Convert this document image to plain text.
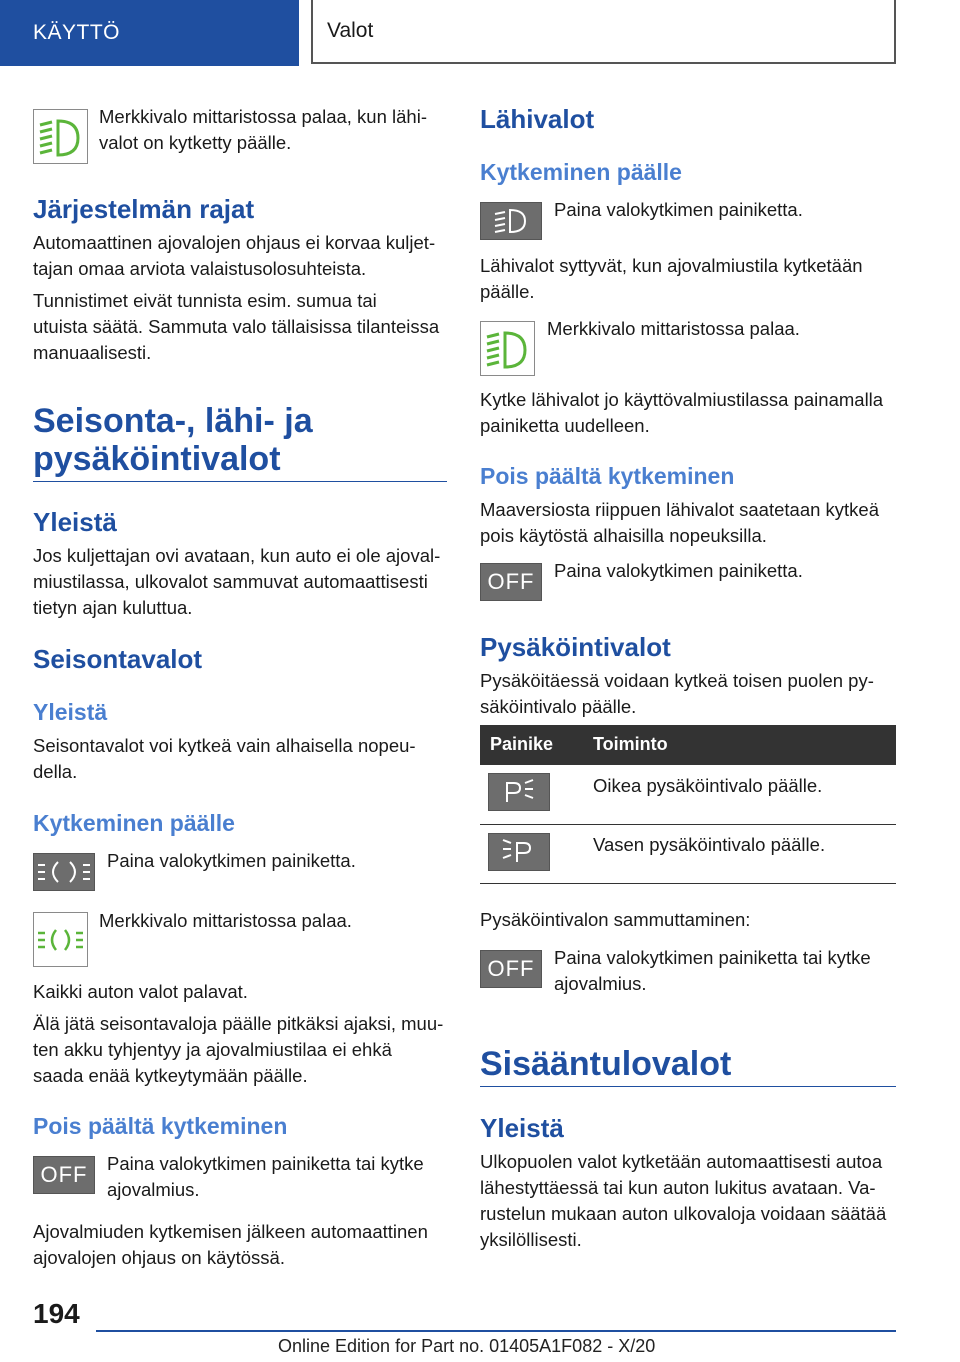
KÄYTTÖ	Valot

Merkkivalo mittaristossa palaa, kun lähi-
valot on kytketty päälle.

Järjestelmän rajat

Automaattinen ajovalojen ohjaus ei korvaa kuljet-
tajan omaa arviota valaistusolosuhteista.

Tunnistimet eivät tunnista esim. sumua tai
utuista säätä. Sammuta valo tällaisissa tilanteissa
manuaalisesti.

Seisonta-, lähi- ja
pysäköintivalot
Yleistä

Jos kuljettajan ovi avataan, kun auto ei ole ajoval-
miustilassa, ulkovalot sammuvat automaattisesti
tietyn ajan kuluttua.

Seisontavalot
Yleistä

Seisontavalot voi kytkeä vain alhaisella nopeu-
della.

Kytkeminen päälle

Paina valokytkimen painiketta.

Merkkivalo mittaristossa palaa.

Kaikki auton valot palavat.

Älä jätä seisontavaloja päälle pitkäksi ajaksi, muu-
ten akku tyhjentyy ja ajovalmiustilaa ei ehkä
saada enää kytkeytymään päälle.

Pois päältä kytkeminen
OFF	Paina valokytkimen painiketta tai kytke
ajovalmius.

Ajovalmiuden kytkemisen jälkeen automaattinen
ajovalojen ohjaus on käytössä.

Lähivalot
Kytkeminen päälle

Paina valokytkimen painiketta.

Lähivalot syttyvät, kun ajovalmiustila kytketään
päälle.

Merkkivalo mittaristossa palaa.

Kytke lähivalot jo käyttövalmiustilassa painamalla
painiketta uudelleen.

Pois päältä kytkeminen

Maaversiosta riippuen lähivalot saatetaan kytkeä
pois käytöstä alhaisilla nopeuksilla.

OFF	Paina valokytkimen painiketta.

Pysäköintivalot

Pysäköitäessä voidaan kytkeä toisen puolen py-
säköintivalo päälle.

Painike Toiminto

Oikea pysäköintivalo päälle.

Vasen pysäköintivalo päälle.

Pysäköintivalon sammuttaminen:

OFF	Paina valokytkimen painiketta tai kytke
ajovalmius.

Sisääntulovalot
Yleistä

Ulkopuolen valot kytketään automaattisesti autoa
lähestyttäessä tai kun auton lukitus avataan. Va-
rustelun mukaan auton ulkovaloja voidaan säätää
yksilöllisesti.

194
Online Edition for Part no. 01405A1F082 - X/20
